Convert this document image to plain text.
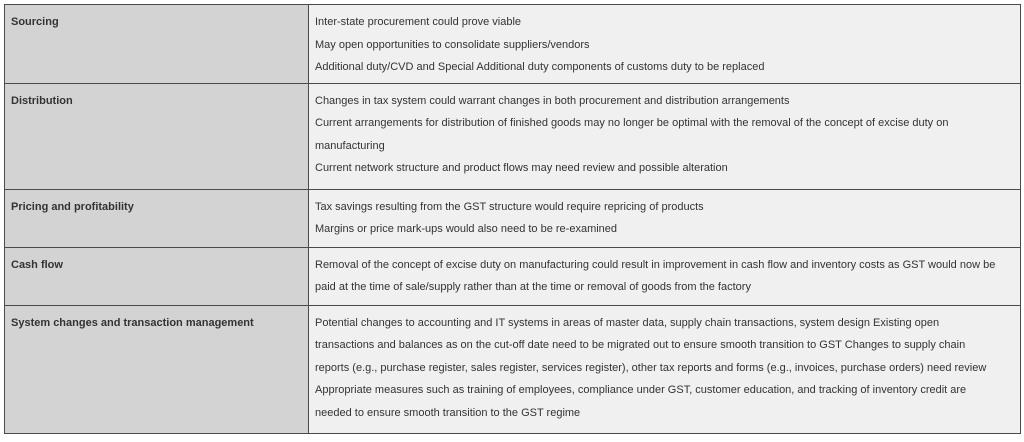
Sourcing	Inter-state procurement could prove viable
May open opportunities to consolidate suppliers/vendors
Additional duty/CVD and Special Additional duty components of customs duty to be replaced

Distribution	Changes in tax system could warrant changes in both procurement and distribution arrangements
Current arrangements for distribution of finished goods may no longer be optimal with the removal of the concept of excise duty on
manufacturing
Current network structure and product flows may need review and possible alteration

Pricing and profitability	Tax savings resulting from the GST structure would require repricing of products
Margins or price mark-ups would also need to be re-examined

Cash flow	Removal of the concept of excise duty on manufacturing could result in improvement in cash flow and inventory costs as GST would now be
paid at the time of sale/supply rather than at the time or removal of goods from the factory

System changes and transaction management	Potential changes to accounting and IT systems in areas of master data, supply chain transactions, system design Existing open
transactions and balances as on the cut-off date need to be migrated out to ensure smooth transition to GST Changes to supply chain
reports (e.g., purchase register, sales register, services register), other tax reports and forms (e.g., invoices, purchase orders) need review
Appropriate measures such as training of employees, compliance under GST, customer education, and tracking of inventory credit are
needed to ensure smooth transition to the GST regime
